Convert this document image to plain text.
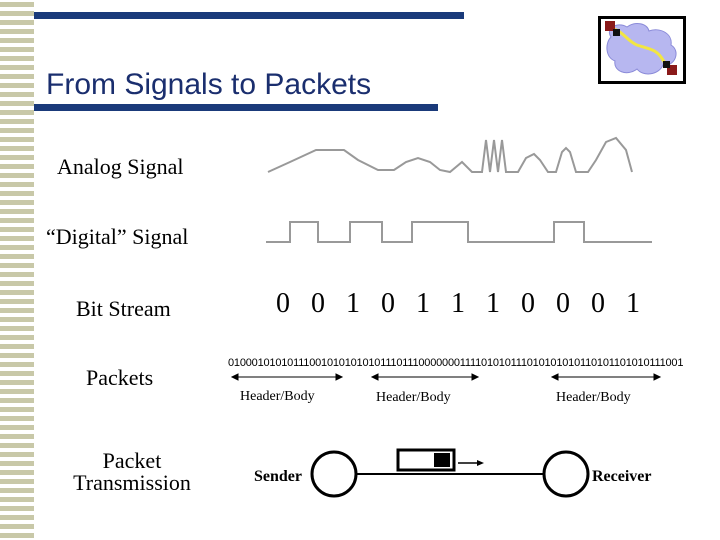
From Signals to Packets
Analog Signal
“Digital” Signal
Bit Stream
Packets
Packet
Transmission
0 0 1 0 1 1 1 0 0 0 1
0100010101011100101010101011101110000000111101010111010101010110101101010111001
Header/Body	Header/Body	Header/Body
Sender	Receiver
